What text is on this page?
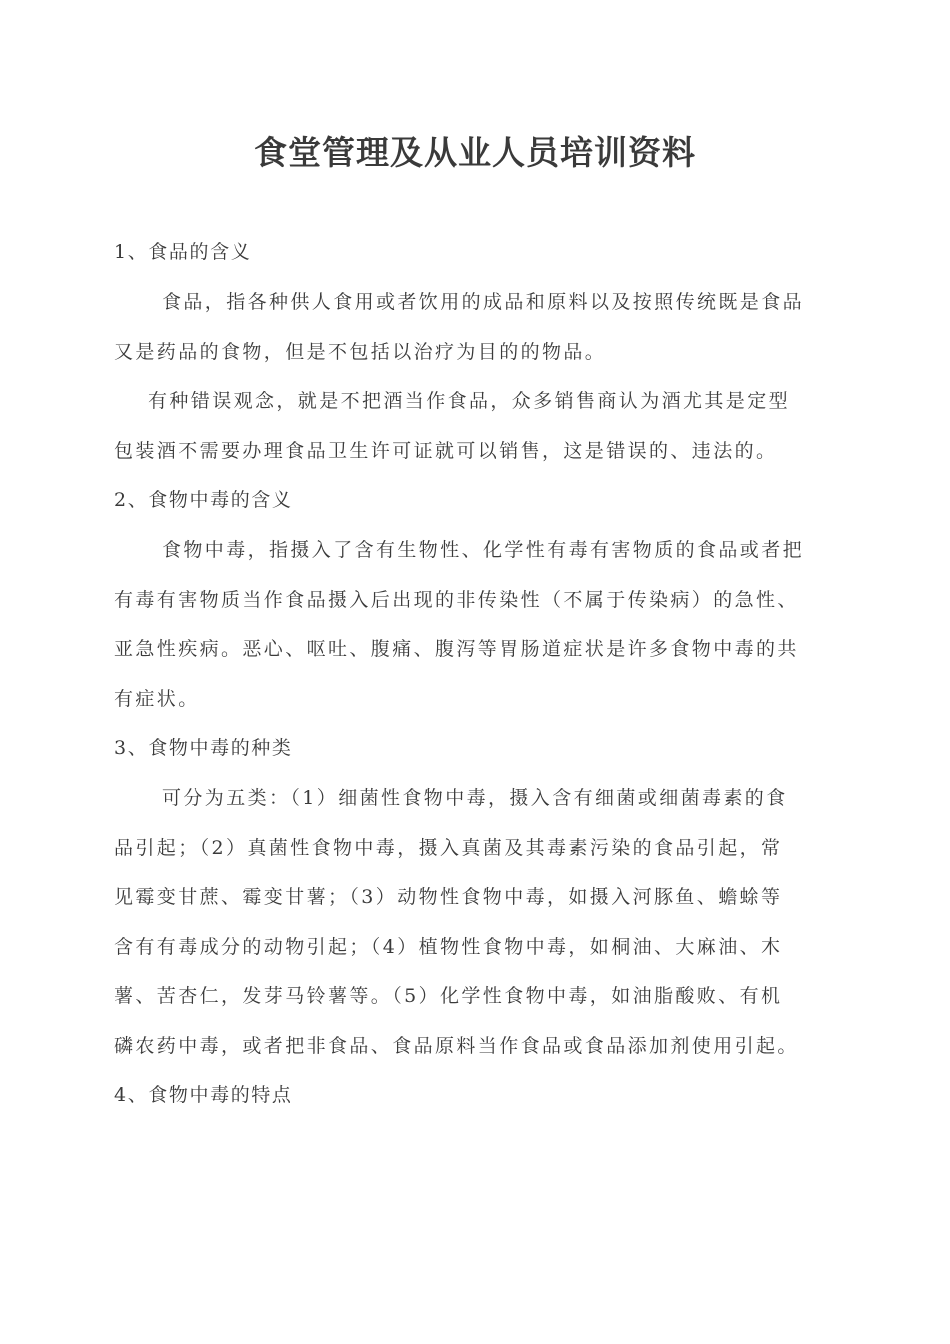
食堂管理及从业人员培训资料
1、食品的含义
食品，指各种供人食用或者饮用的成品和原料以及按照传统既是食品
又是药品的食物，但是不包括以治疗为目的的物品。
有种错误观念，就是不把酒当作食品，众多销售商认为酒尤其是定型
包装酒不需要办理食品卫生许可证就可以销售，这是错误的、违法的。
2、食物中毒的含义
食物中毒，指摄入了含有生物性、化学性有毒有害物质的食品或者把
有毒有害物质当作食品摄入后出现的非传染性（不属于传染病）的急性、
亚急性疾病。恶心、呕吐、腹痛、腹泻等胃肠道症状是许多食物中毒的共
有症状。
3、食物中毒的种类
可分为五类：（1）细菌性食物中毒，摄入含有细菌或细菌毒素的食
品引起；（2）真菌性食物中毒，摄入真菌及其毒素污染的食品引起，常
见霉变甘蔗、霉变甘薯；（3）动物性食物中毒，如摄入河豚鱼、蟾蜍等
含有有毒成分的动物引起；（4）植物性食物中毒，如桐油、大麻油、木
薯、苦杏仁，发芽马铃薯等。（5）化学性食物中毒，如油脂酸败、有机
磷农药中毒，或者把非食品、食品原料当作食品或食品添加剂使用引起。
4、食物中毒的特点
